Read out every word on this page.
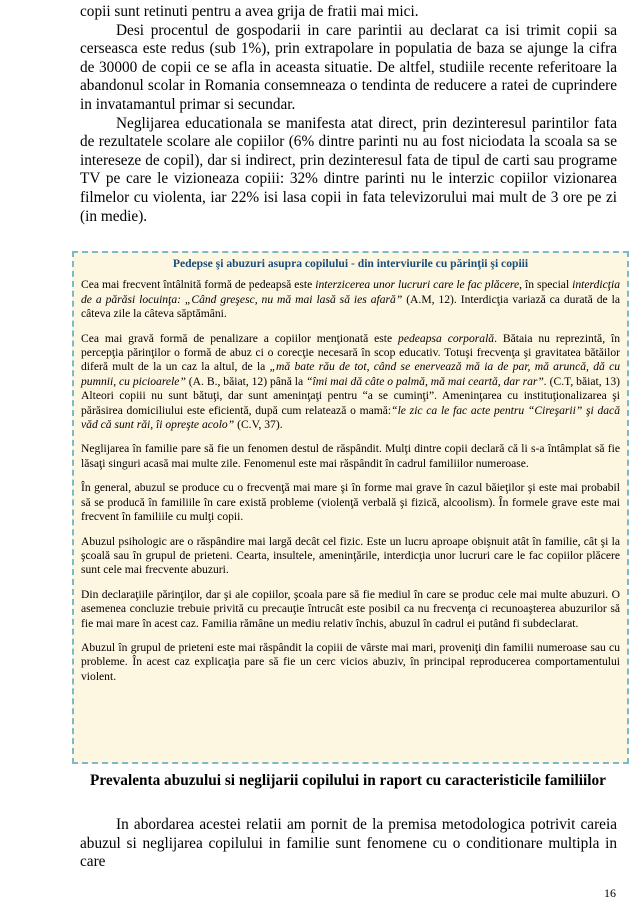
copii sunt retinuti pentru a avea grija de fratii mai mici.

Desi procentul de gospodarii in care parintii au declarat ca isi trimit copii sa cerseasca este redus (sub 1%), prin extrapolare in populatia de baza se ajunge la cifra de 30000 de copii ce se afla in aceasta situatie. De altfel, studiile recente referitoare la abandonul scolar in Romania consemneaza o tendinta de reducere a ratei de cuprindere in invatamantul primar si secundar.

Neglijarea educationala se manifesta atat direct, prin dezinteresul parintilor fata de rezultatele scolare ale copiilor (6% dintre parinti nu au fost niciodata la scoala sa se intereseze de copil), dar si indirect, prin dezinteresul fata de tipul de carti sau programe TV pe care le vizioneaza copiii: 32% dintre parinti nu le interzic copiilor vizionarea filmelor cu violenta, iar 22% isi lasa copii in fata televizorului mai mult de 3 ore pe zi (in medie).

Pedepse şi abuzuri asupra copilului - din interviurile cu părinţii şi copiii

Cea mai frecvent întâlnită formă de pedeapsă este interzicerea unor lucruri care le fac plăcere, în special interdicţia de a părăsi locuinţa: „Când greşesc, nu mă mai lasă să ies afară” (A.M, 12). Interdicţia variază ca durată de la câteva zile la câteva săptămâni.

Cea mai gravă formă de penalizare a copiilor menţionată este pedeapsa corporală. Bătaia nu reprezintă, în percepţia părinţilor o formă de abuz ci o corecţie necesară în scop educativ. Totuşi frecvenţa şi gravitatea bătăilor diferă mult de la un caz la altul, de la „mă bate rău de tot, când se enervează mă ia de par, mă aruncă, dă cu pumnii, cu picioarele” (A. B., băiat, 12) până la “îmi mai dă câte o palmă, mă mai ceartă, dar rar”. (C.T, băiat, 13) Alteori copiii nu sunt bătuţi, dar sunt ameninţaţi pentru “a se cuminţi”. Ameninţarea cu instituţionalizarea şi părăsirea domiciliului este eficientă, după cum relatează o mamă:“le zic ca le fac acte pentru “Cireşarii” şi dacă văd că sunt răi, îi opreşte acolo” (C.V, 37).

Neglijarea în familie pare să fie un fenomen destul de răspândit. Mulţi dintre copii declară că li s-a întâmplat să fie lăsaţi singuri acasă mai multe zile. Fenomenul este mai răspândit în cadrul familiilor numeroase.

În general, abuzul se produce cu o frecvenţă mai mare şi în forme mai grave în cazul băieţilor şi este mai probabil să se producă în familiile în care există probleme (violenţă verbală şi fizică, alcoolism). În formele grave este mai frecvent în familiile cu mulţi copii.

Abuzul psihologic are o răspândire mai largă decât cel fizic. Este un lucru aproape obişnuit atât în familie, cât şi la şcoală sau în grupul de prieteni. Cearta, insultele, ameninţările, interdicţia unor lucruri care le fac copiilor plăcere sunt cele mai frecvente abuzuri.

Din declaraţiile părinţilor, dar şi ale copiilor, şcoala pare să fie mediul în care se produc cele mai multe abuzuri. O asemenea concluzie trebuie privită cu precauţie întrucât este posibil ca nu frecvenţa ci recunoaşterea abuzurilor să fie mai mare în acest caz. Familia rămâne un mediu relativ închis, abuzul în cadrul ei putând fi subdeclarat.

Abuzul în grupul de prieteni este mai răspândit la copiii de vârste mai mari, proveniţi din familii numeroase sau cu probleme. În acest caz explicaţia pare să fie un cerc vicios abuziv, în principal reproducerea comportamentului violent.

Prevalenta abuzului si neglijarii copilului in raport cu caracteristicile familiilor

In abordarea acestei relatii am pornit de la premisa metodologica potrivit careia abuzul si neglijarea copilului in familie sunt fenomene cu o conditionare multipla in care

16
